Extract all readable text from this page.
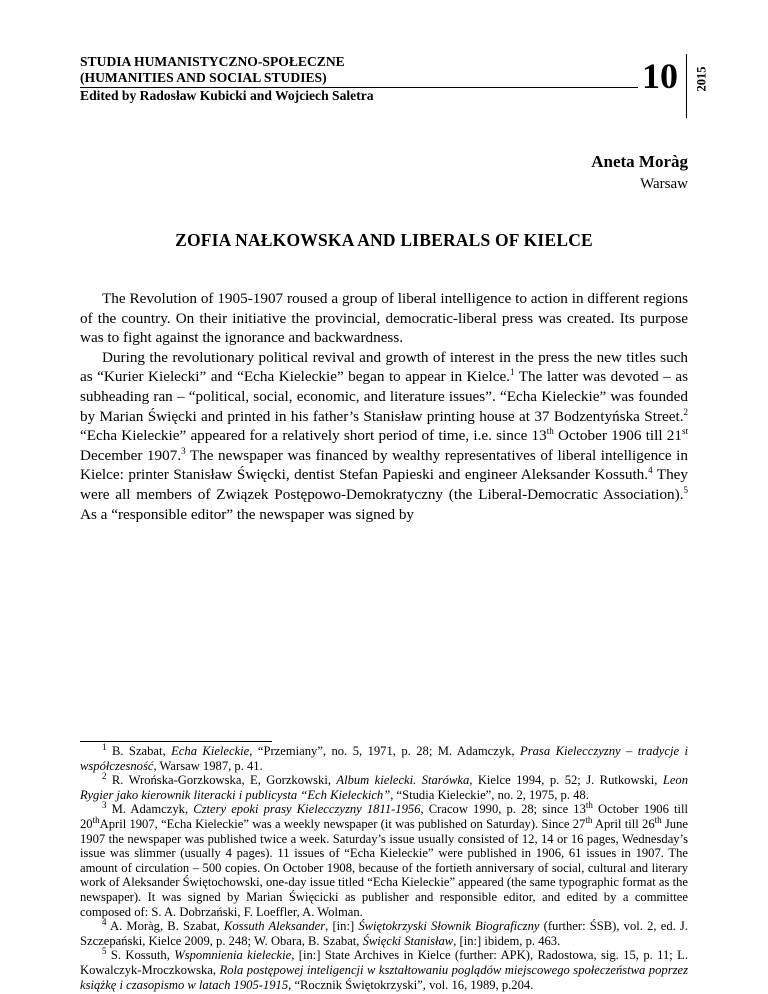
STUDIA HUMANISTYCZNO-SPOŁECZNE
(HUMANITIES AND SOCIAL STUDIES)
Edited by Radosław Kubicki and Wojciech Saletra	10 2015
Aneta Moràg
Warsaw
ZOFIA NAŁKOWSKA AND LIBERALS OF KIELCE

The Revolution of 1905-1907 roused a group of liberal intelligence to action in different regions of the country. On their initiative the provincial, democratic-liberal press was created. Its purpose was to fight against the ignorance and backwardness.

During the revolutionary political revival and growth of interest in the press the new titles such as “Kurier Kielecki” and “Echa Kieleckie” began to appear in Kielce.$^1$ The latter was devoted – as subheading ran – “political, social, economic, and literature issues”. “Echa Kieleckie” was founded by Marian Święcki and printed in his father’s Stanisław printing house at 37 Bodzentyńska Street.$^2$ “Echa Kieleckie” appeared for a relatively short period of time, i.e. since 13th October 1906 till 21st December 1907.$^3$ The newspaper was financed by wealthy representatives of liberal intelligence in Kielce: printer Stanisław Święcki, dentist Stefan Papieski and engineer Aleksander Kossuth.$^4$ They were all members of Związek Postępowo-Demokratyczny (the Liberal-Democratic Association).$^5$ As a “responsible editor” the newspaper was signed by

$^1$ B. Szabat, Echa Kieleckie, “Przemiany”, no. 5, 1971, p. 28; M. Adamczyk, Prasa Kielecczyzny – tradycje i współczesność, Warsaw 1987, p. 41.

$^2$ R. Wrońska-Gorzkowska, E, Gorzkowski, Album kielecki. Starówka, Kielce 1994, p. 52; J. Rutkowski, Leon Rygier jako kierownik literacki i publicysta “Ech Kieleckich”, “Studia Kieleckie”, no. 2, 1975, p. 48.

$^3$ M. Adamczyk, Cztery epoki prasy Kielecczyzny 1811-1956, Cracow 1990, p. 28; since 13th October 1906 till 20thApril 1907, “Echa Kieleckie” was a weekly newspaper (it was published on Saturday). Since 27th April till 26th June 1907 the newspaper was published twice a week. Saturday’s issue usually consisted of 12, 14 or 16 pages, Wednesday’s issue was slimmer (usually 4 pages). 11 issues of “Echa Kieleckie” were published in 1906, 61 issues in 1907. The amount of circulation – 500 copies. On October 1908, because of the fortieth anniversary of social, cultural and literary work of Aleksander Świętochowski, one-day issue titled “Echa Kieleckie” appeared (the same typographic format as the newspaper). It was signed by Marian Święcicki as publisher and responsible editor, and edited by a committee composed of: S. A. Dobrzański, F. Loeffler, A. Wolman.

$^4$ A. Moràg, B. Szabat, Kossuth Aleksander, [in:] Świętokrzyski Słownik Biograficzny (further: ŚSB), vol. 2, ed. J. Szczepański, Kielce 2009, p. 248; W. Obara, B. Szabat, Święcki Stanisław, [in:] ibidem, p. 463.

$^5$ S. Kossuth, Wspomnienia kieleckie, [in:] State Archives in Kielce (further: APK), Radostowa, sig. 15, p. 11; L. Kowalczyk-Mroczkowska, Rola postępowej inteligencji w kształtowaniu poglądów miejscowego społeczeństwa poprzez książkę i czasopismo w latach 1905-1915, “Rocznik Świętokrzyski”, vol. 16, 1989, p.204.
